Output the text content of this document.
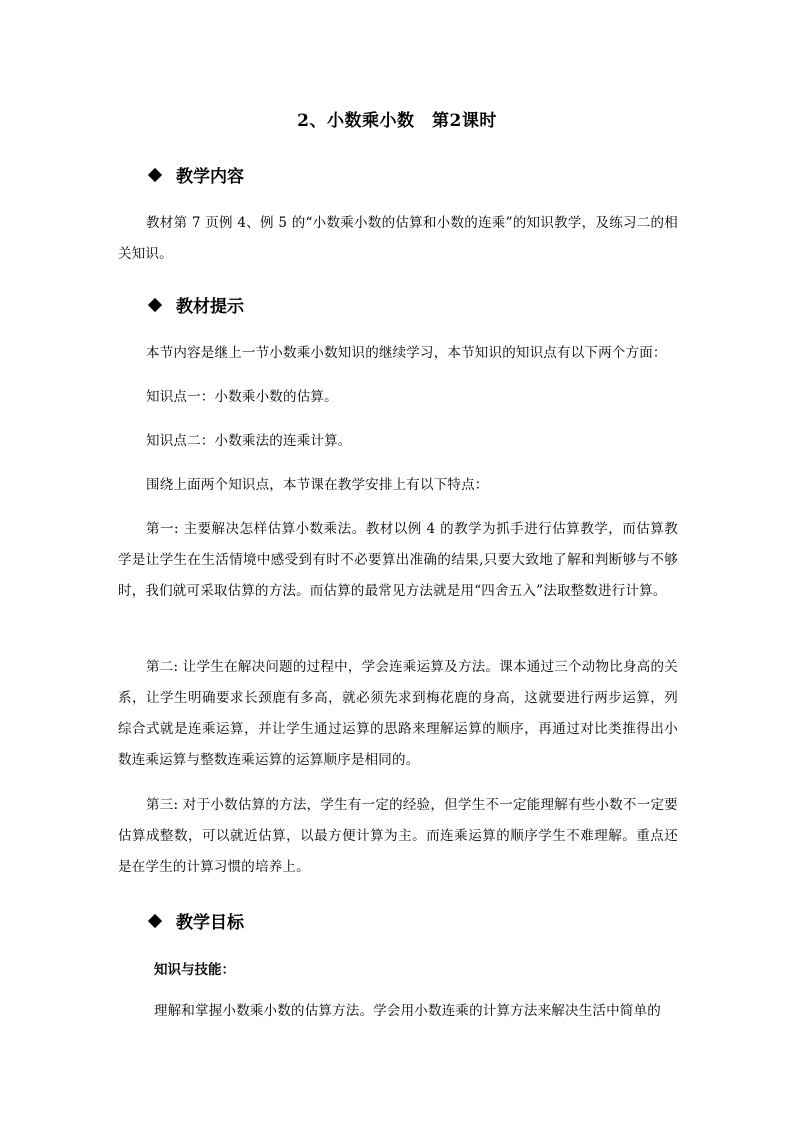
2、小数乘小数　第2课时
教学内容
教材第 7 页例 4、例 5 的“小数乘小数的估算和小数的连乘”的知识教学，及练习二的相关知识。
教材提示
本节内容是继上一节小数乘小数知识的继续学习，本节知识的知识点有以下两个方面：
知识点一：小数乘小数的估算。
知识点二：小数乘法的连乘计算。
围绕上面两个知识点，本节课在教学安排上有以下特点：
第一: 主要解决怎样估算小数乘法。教材以例 4 的教学为抓手进行估算教学，而估算教学是让学生在生活情境中感受到有时不必要算出准确的结果,只要大致地了解和判断够与不够时，我们就可采取估算的方法。而估算的最常见方法就是用“四舍五入”法取整数进行计算。
第二: 让学生在解决问题的过程中，学会连乘运算及方法。课本通过三个动物比身高的关系，让学生明确要求长颈鹿有多高，就必须先求到梅花鹿的身高，这就要进行两步运算，列综合式就是连乘运算，并让学生通过运算的思路来理解运算的顺序，再通过对比类推得出小数连乘运算与整数连乘运算的运算顺序是相同的。
第三: 对于小数估算的方法，学生有一定的经验，但学生不一定能理解有些小数不一定要估算成整数，可以就近估算，以最方便计算为主。而连乘运算的顺序学生不难理解。重点还是在学生的计算习惯的培养上。
教学目标
知识与技能：
理解和掌握小数乘小数的估算方法。学会用小数连乘的计算方法来解决生活中简单的
